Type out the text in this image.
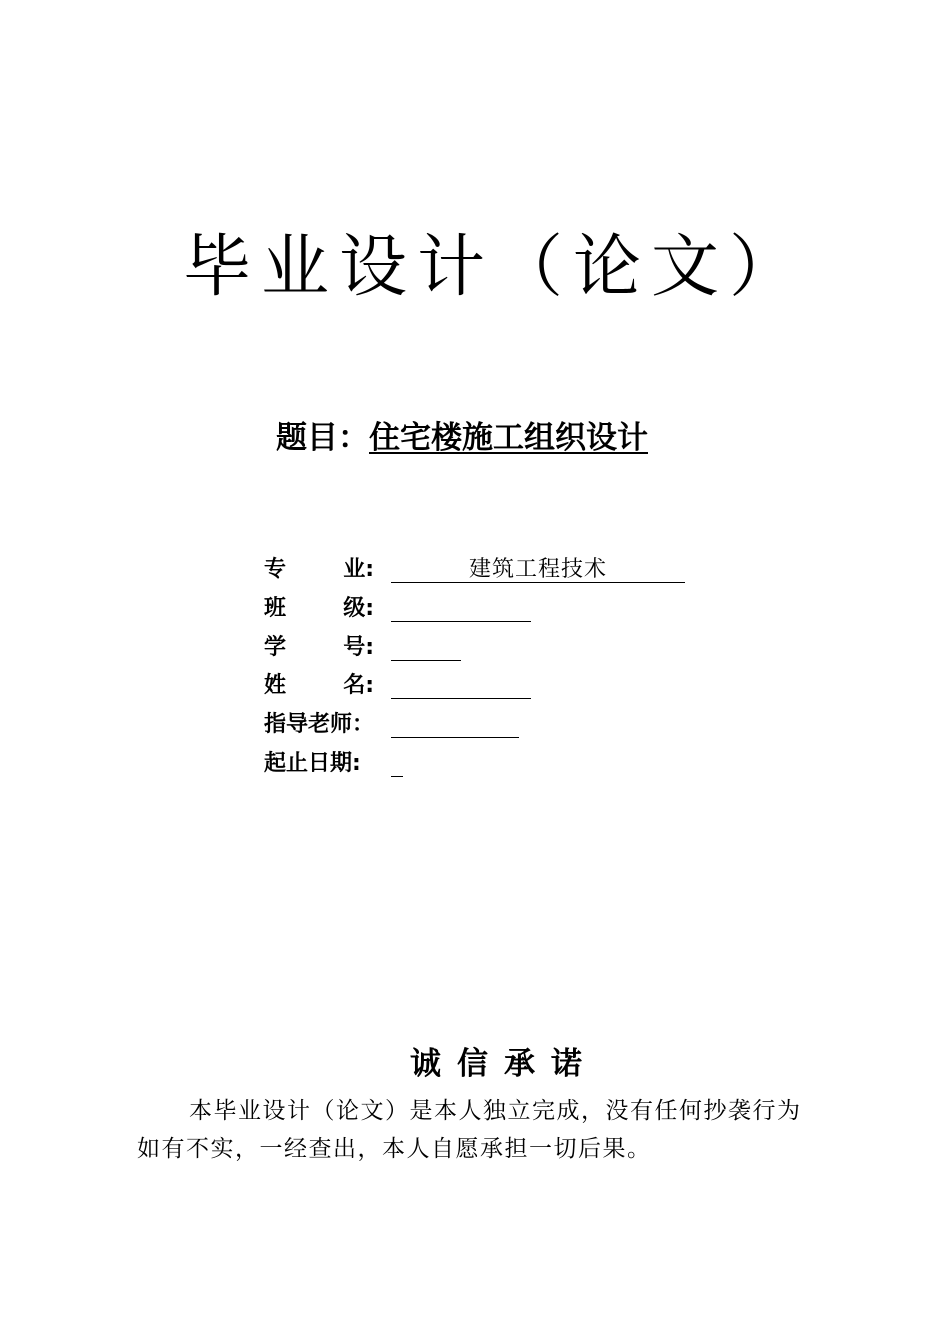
毕业设计（论文）
题目：住宅楼施工组织设计
专	业:	建筑工程技术
班	级:
学	号:
姓	名:
指导老师：
起止日期:
诚信承诺

本毕业设计（论文）是本人独立完成，没有任何抄袭行为
如有不实，一经查出，本人自愿承担一切后果。
